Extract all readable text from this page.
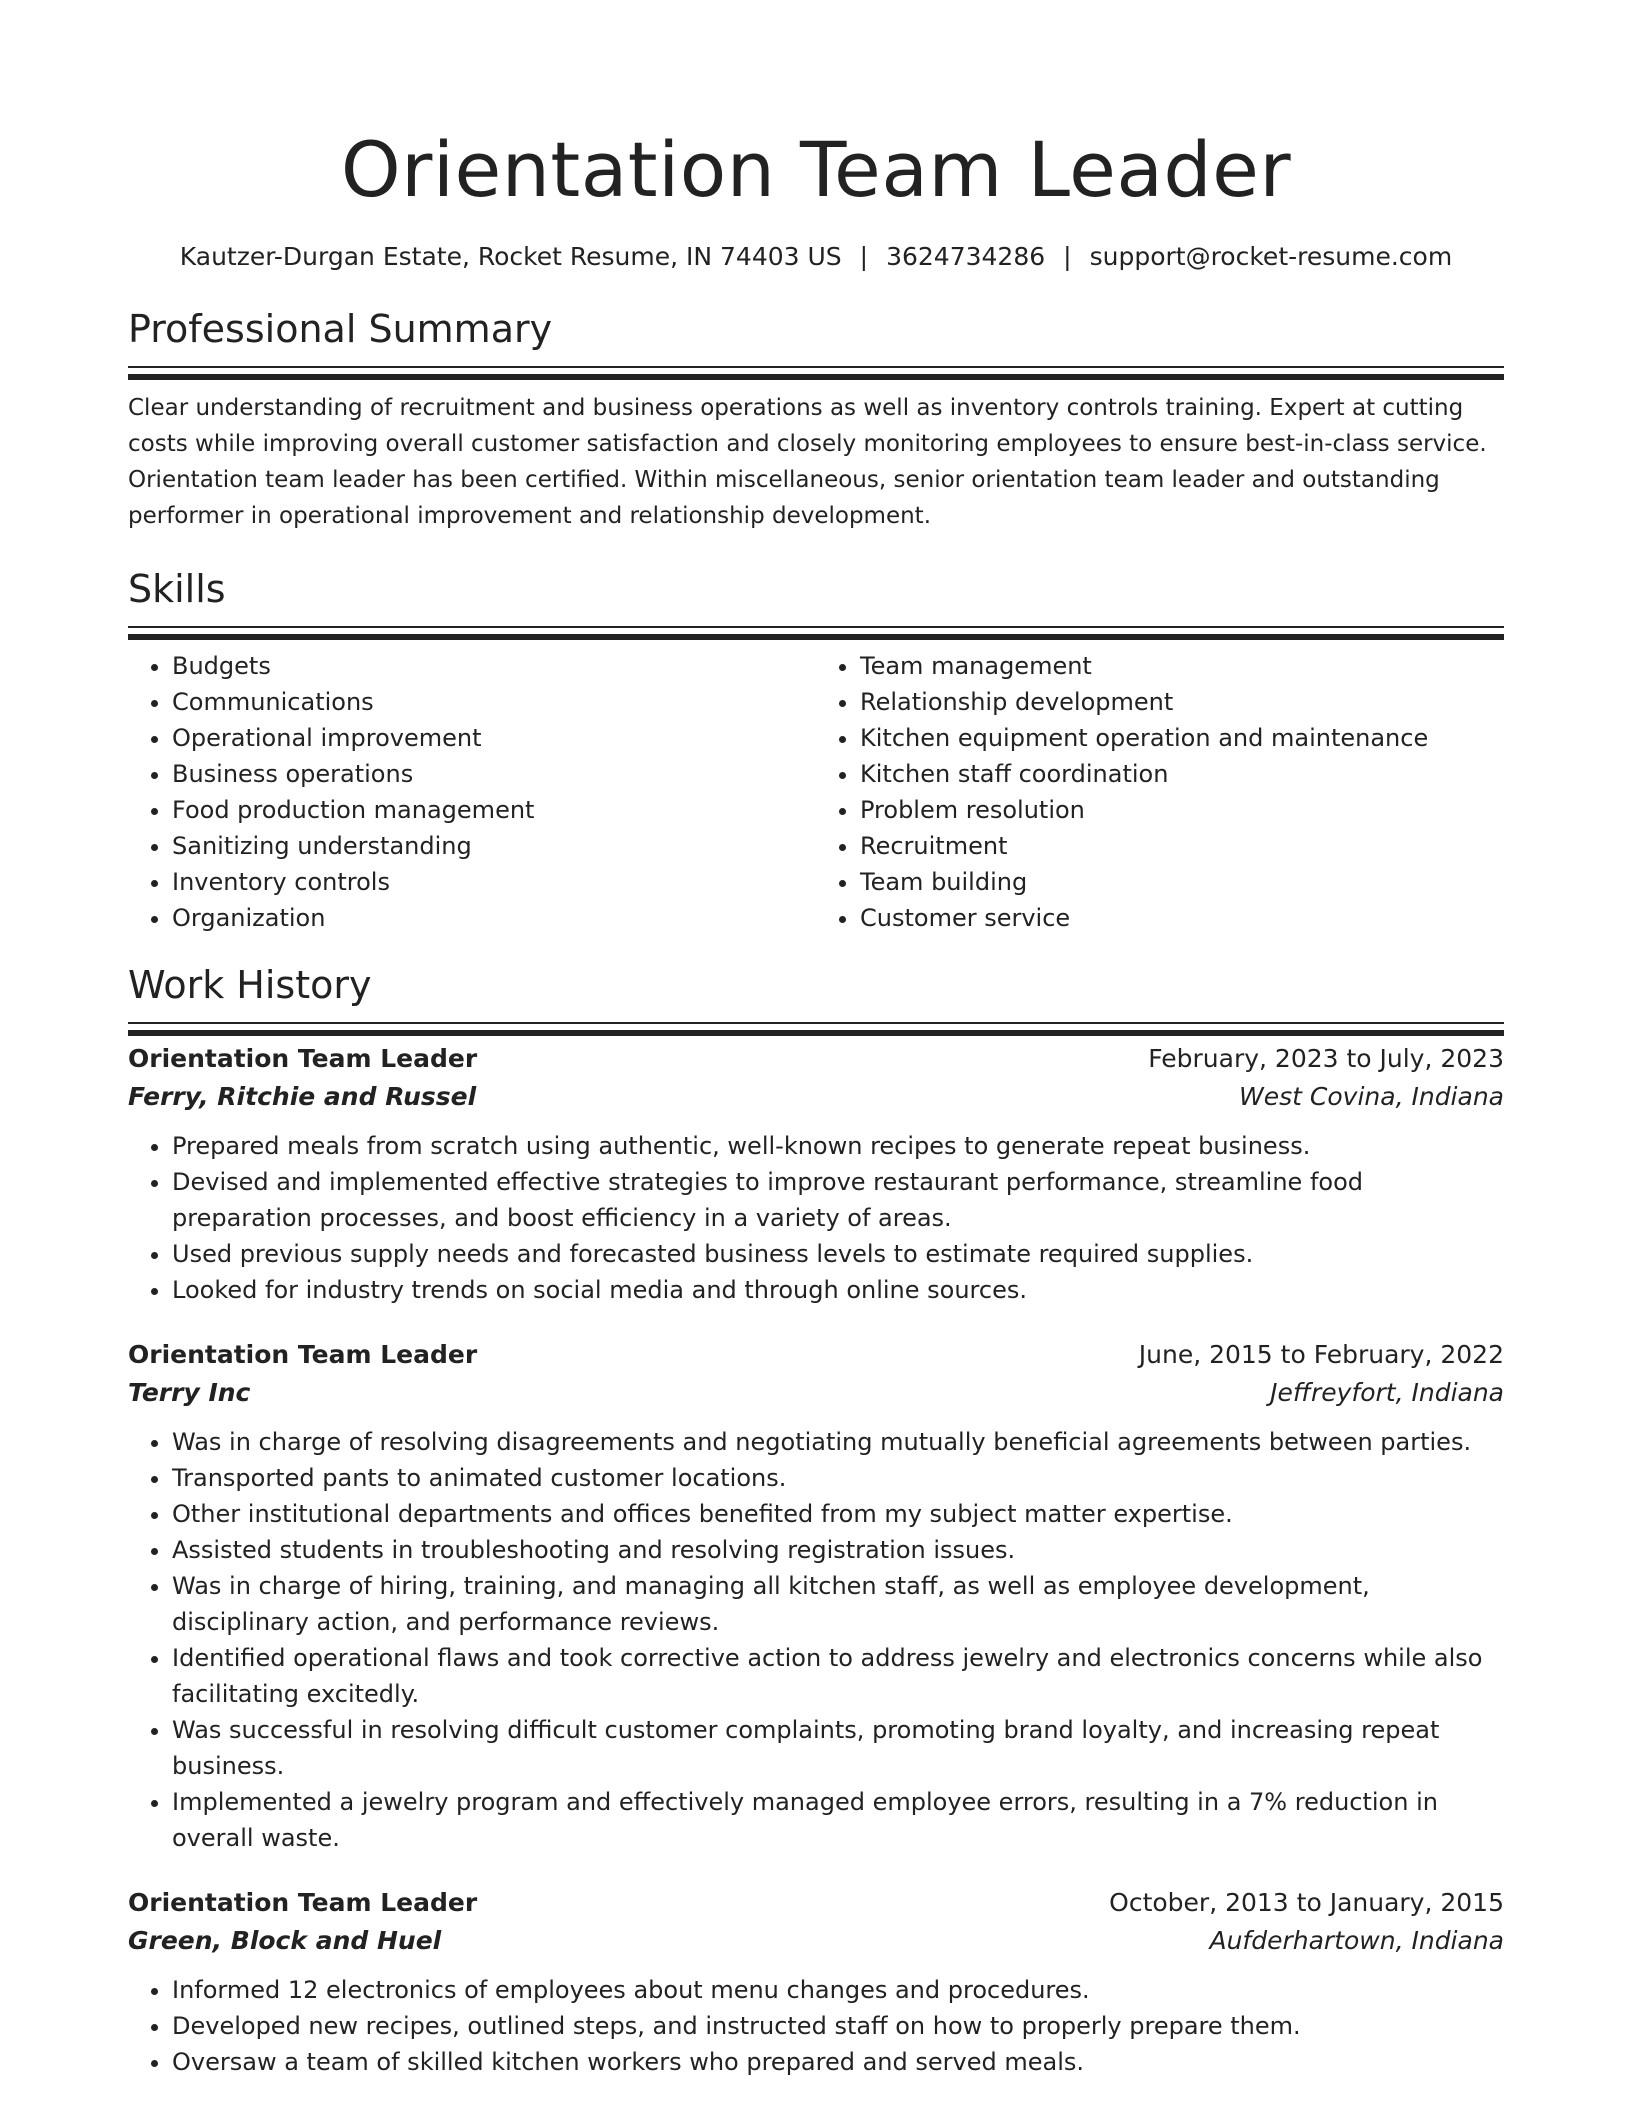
Orientation Team Leader
Kautzer-Durgan Estate, Rocket Resume, IN 74403 US | 3624734286 | support@rocket-resume.com
Professional Summary
Clear understanding of recruitment and business operations as well as inventory controls training. Expert at cutting costs while improving overall customer satisfaction and closely monitoring employees to ensure best-in-class service. Orientation team leader has been certified. Within miscellaneous, senior orientation team leader and outstanding performer in operational improvement and relationship development.
Skills
• Budgets
• Communications
• Operational improvement
• Business operations
• Food production management
• Sanitizing understanding
• Inventory controls
• Organization
• Team management
• Relationship development
• Kitchen equipment operation and maintenance
• Kitchen staff coordination
• Problem resolution
• Recruitment
• Team building
• Customer service
Work History
Orientation Team Leader	February, 2023 to July, 2023
Ferry, Ritchie and Russel	West Covina, Indiana
• Prepared meals from scratch using authentic, well-known recipes to generate repeat business.
• Devised and implemented effective strategies to improve restaurant performance, streamline food preparation processes, and boost efficiency in a variety of areas.
• Used previous supply needs and forecasted business levels to estimate required supplies.
• Looked for industry trends on social media and through online sources.
Orientation Team Leader	June, 2015 to February, 2022
Terry Inc	Jeffreyfort, Indiana
• Was in charge of resolving disagreements and negotiating mutually beneficial agreements between parties.
• Transported pants to animated customer locations.
• Other institutional departments and offices benefited from my subject matter expertise.
• Assisted students in troubleshooting and resolving registration issues.
• Was in charge of hiring, training, and managing all kitchen staff, as well as employee development, disciplinary action, and performance reviews.
• Identified operational flaws and took corrective action to address jewelry and electronics concerns while also facilitating excitedly.
• Was successful in resolving difficult customer complaints, promoting brand loyalty, and increasing repeat business.
• Implemented a jewelry program and effectively managed employee errors, resulting in a 7% reduction in overall waste.
Orientation Team Leader	October, 2013 to January, 2015
Green, Block and Huel	Aufderhartown, Indiana
• Informed 12 electronics of employees about menu changes and procedures.
• Developed new recipes, outlined steps, and instructed staff on how to properly prepare them.
• Oversaw a team of skilled kitchen workers who prepared and served meals.
